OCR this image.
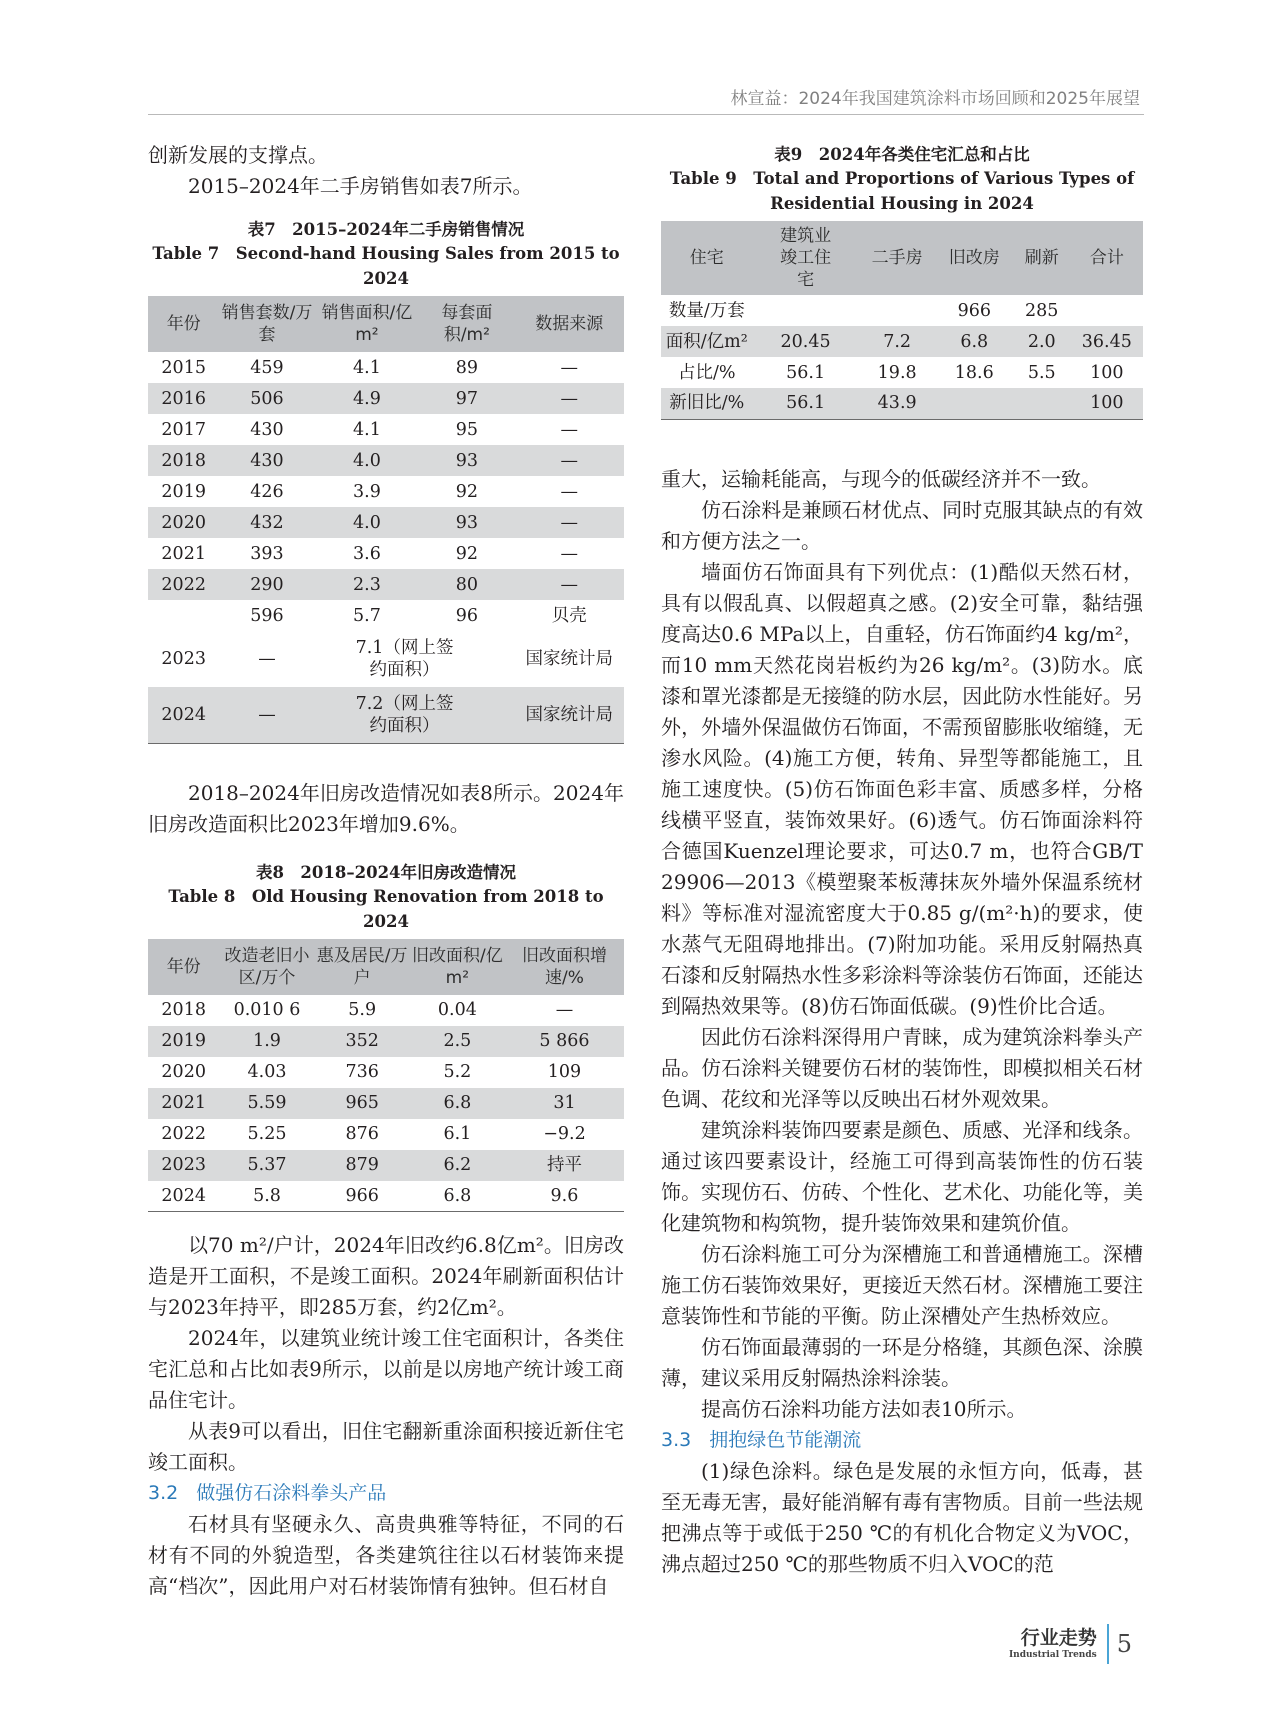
林宣益：2024年我国建筑涂料市场回顾和2025年展望

创新发展的支撑点。

2015–2024年二手房销售如表7所示。

表7　2015–2024年二手房销售情况
Table 7　Second-hand Housing Sales from 2015 to 2024
年份	销售套数/万套	销售面积/亿m²	每套面积/m²	数据来源
2015	459	4.1	89	—
2016	506	4.9	97	—
2017	430	4.1	95	—
2018	430	4.0	93	—
2019	426	3.9	92	—
2020	432	4.0	93	—
2021	393	3.6	92	—
2022	290	2.3	80	—
	596	5.7	96	贝壳
2023	—	7.1（网上签约面积）		国家统计局
2024	—	7.2（网上签约面积）		国家统计局

2018–2024年旧房改造情况如表8所示。2024年旧房改造面积比2023年增加9.6%。

表8　2018–2024年旧房改造情况
Table 8　Old Housing Renovation from 2018 to 2024
年份	改造老旧小区/万个	惠及居民/万户	旧改面积/亿m²	旧改面积增速/%
2018	0.010 6	5.9	0.04	—
2019	1.9	352	2.5	5 866
2020	4.03	736	5.2	109
2021	5.59	965	6.8	31
2022	5.25	876	6.1	−9.2
2023	5.37	879	6.2	持平
2024	5.8	966	6.8	9.6

以70 m²/户计，2024年旧改约6.8亿m²。旧房改造是开工面积，不是竣工面积。2024年刷新面积估计与2023年持平，即285万套，约2亿m²。

2024年，以建筑业统计竣工住宅面积计，各类住宅汇总和占比如表9所示，以前是以房地产统计竣工商品住宅计。

从表9可以看出，旧住宅翻新重涂面积接近新住宅竣工面积。

3.2 做强仿石涂料拳头产品

石材具有坚硬永久、高贵典雅等特征，不同的石材有不同的外貌造型，各类建筑往往以石材装饰来提高“档次”，因此用户对石材装饰情有独钟。但石材自

表9　2024年各类住宅汇总和占比
Table 9　Total and Proportions of Various Types of
Residential Housing in 2024
住宅	建筑业竣工住宅	二手房	旧改房	刷新	合计
数量/万套			966	285	
面积/亿m²	20.45	7.2	6.8	2.0	36.45
占比/%	56.1	19.8	18.6	5.5	100
新旧比/%	56.1	43.9			100

重大，运输耗能高，与现今的低碳经济并不一致。

仿石涂料是兼顾石材优点、同时克服其缺点的有效和方便方法之一。

墙面仿石饰面具有下列优点：(1)酷似天然石材，具有以假乱真、以假超真之感。(2)安全可靠，黏结强度高达0.6 MPa以上，自重轻，仿石饰面约4 kg/m²，而10 mm天然花岗岩板约为26 kg/m²。(3)防水。底漆和罩光漆都是无接缝的防水层，因此防水性能好。另外，外墙外保温做仿石饰面，不需预留膨胀收缩缝，无渗水风险。(4)施工方便，转角、异型等都能施工，且施工速度快。(5)仿石饰面色彩丰富、质感多样，分格线横平竖直，装饰效果好。(6)透气。仿石饰面涂料符合德国Kuenzel理论要求，可达0.7 m，也符合GB/T 29906—2013《模塑聚苯板薄抹灰外墙外保温系统材料》等标准对湿流密度大于0.85 g/(m²·h)的要求，使水蒸气无阻碍地排出。(7)附加功能。采用反射隔热真石漆和反射隔热水性多彩涂料等涂装仿石饰面，还能达到隔热效果等。(8)仿石饰面低碳。(9)性价比合适。

因此仿石涂料深得用户青睐，成为建筑涂料拳头产品。仿石涂料关键要仿石材的装饰性，即模拟相关石材色调、花纹和光泽等以反映出石材外观效果。

建筑涂料装饰四要素是颜色、质感、光泽和线条。通过该四要素设计，经施工可得到高装饰性的仿石装饰。实现仿石、仿砖、个性化、艺术化、功能化等，美化建筑物和构筑物，提升装饰效果和建筑价值。

仿石涂料施工可分为深槽施工和普通槽施工。深槽施工仿石装饰效果好，更接近天然石材。深槽施工要注意装饰性和节能的平衡。防止深槽处产生热桥效应。

仿石饰面最薄弱的一环是分格缝，其颜色深、涂膜薄，建议采用反射隔热涂料涂装。

提高仿石涂料功能方法如表10所示。

3.3 拥抱绿色节能潮流

(1)绿色涂料。绿色是发展的永恒方向，低毒，甚至无毒无害，最好能消解有毒有害物质。目前一些法规把沸点等于或低于250 ℃的有机化合物定义为VOC，沸点超过250 ℃的那些物质不归入VOC的范

行业走势
Industrial Trends 5
